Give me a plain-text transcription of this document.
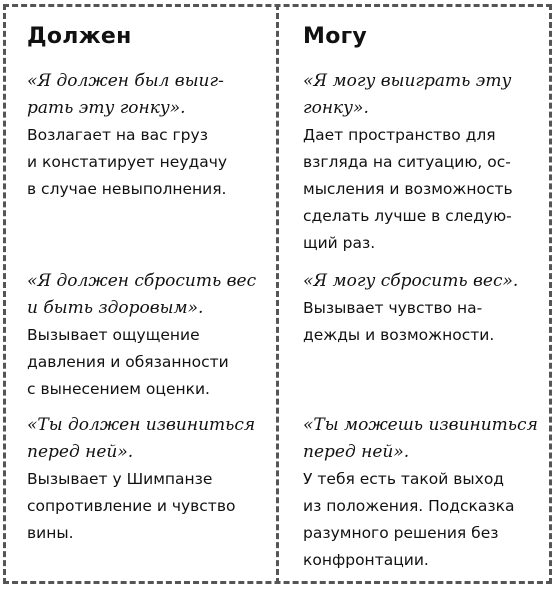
Должен
«Я должен был выиг-
рать эту гонку».
Возлагает на вас груз
и констатирует неудачу
в случае невыполнения.
«Я должен сбросить вес
и быть здоровым».
Вызывает ощущение
давления и обязанности
с вынесением оценки.
«Ты должен извиниться
перед ней».
Вызывает у Шимпанзе
сопротивление и чувство
вины.
Могу
«Я могу выиграть эту
гонку».
Дает пространство для
взгляда на ситуацию, ос-
мысления и возможность
сделать лучше в следую-
щий раз.
«Я могу сбросить вес».
Вызывает чувство на-
дежды и возможности.
«Ты можешь извиниться
перед ней».
У тебя есть такой выход
из положения. Подсказка
разумного решения без
конфронтации.
